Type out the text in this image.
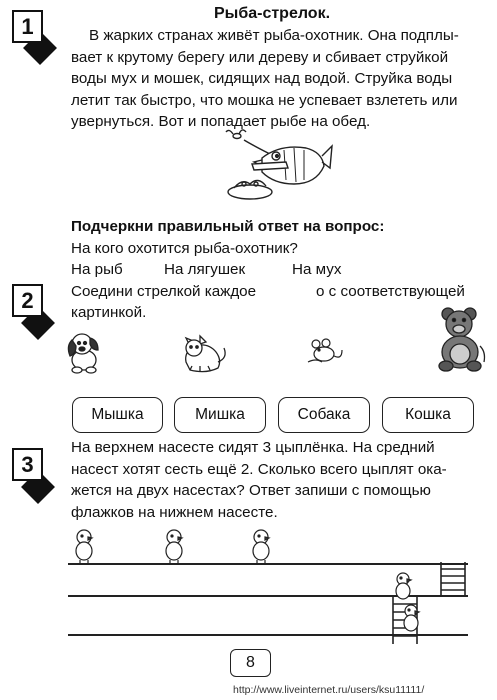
1	Рыба-стрелок.
В жарких странах живёт рыба-охотник. Она подплы-
вает к крутому берегу или дереву и сбивает струйкой
воды мух и мошек, сидящих над водой. Струйка воды
летит так быстро, что мошка не успевает взлететь или
увернуться. Вот и попадает рыбе на обед.
Подчеркни правильный ответ на вопрос:
На кого охотится рыба-охотник?
На рыб	На лягушек	На мух
2	Соедини стрелкой каждое	о с соответствующей
картинкой.
Мышка	Мишка	Собака	Кошка
3
На верхнем насесте сидят 3 цыплёнка. На средний
насест хотят сесть ещё 2. Сколько всего цыплят ока-
жется на двух насестах? Ответ запиши с помощью
флажков на нижнем насесте.
8
http://www.liveinternet.ru/users/ksu11111/
